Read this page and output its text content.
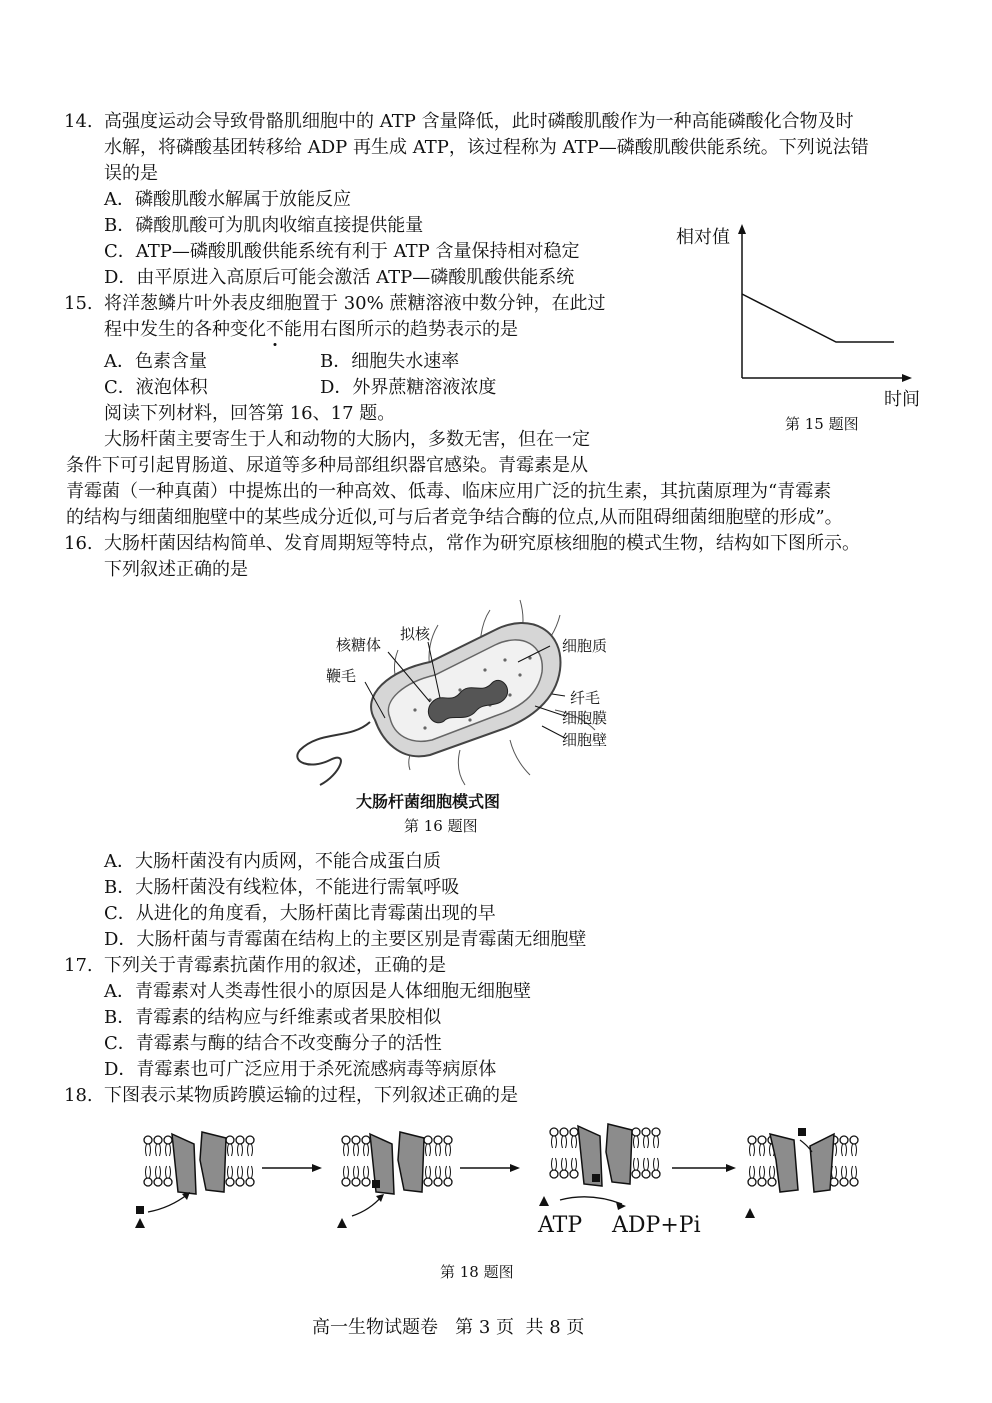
14. 高强度运动会导致骨骼肌细胞中的 ATP 含量降低，此时磷酸肌酸作为一种高能磷酸化合物及时
水解，将磷酸基团转移给 ADP 再生成 ATP，该过程称为 ATP—磷酸肌酸供能系统。下列说法错
误的是
A．磷酸肌酸水解属于放能反应
B．磷酸肌酸可为肌肉收缩直接提供能量
C．ATP—磷酸肌酸供能系统有利于 ATP 含量保持相对稳定
D．由平原进入高原后可能会激活 ATP—磷酸肌酸供能系统
15. 将洋葱鳞片叶外表皮细胞置于 30% 蔗糖溶液中数分钟，在此过
程中发生的各种变化不能用右图所示的趋势表示的是
A．色素含量	B．细胞失水速率
C．液泡体积	D．外界蔗糖溶液浓度
相对值
时间
第 15 题图
阅读下列材料，回答第 16、17 题。
大肠杆菌主要寄生于人和动物的大肠内，多数无害，但在一定
条件下可引起胃肠道、尿道等多种局部组织器官感染。青霉素是从
青霉菌（一种真菌）中提炼出的一种高效、低毒、临床应用广泛的抗生素，其抗菌原理为“青霉素
的结构与细菌细胞壁中的某些成分近似,可与后者竞争结合酶的位点,从而阻碍细菌细胞壁的形成”。
16. 大肠杆菌因结构简单、发育周期短等特点，常作为研究原核细胞的模式生物，结构如下图所示。
下列叙述正确的是
核糖体
拟核
鞭毛
细胞质
纤毛
细胞膜
细胞壁
大肠杆菌细胞模式图
第 16 题图
A．大肠杆菌没有内质网，不能合成蛋白质
B．大肠杆菌没有线粒体，不能进行需氧呼吸
C．从进化的角度看，大肠杆菌比青霉菌出现的早
D．大肠杆菌与青霉菌在结构上的主要区别是青霉菌无细胞壁
17. 下列关于青霉素抗菌作用的叙述，正确的是
A．青霉素对人类毒性很小的原因是人体细胞无细胞壁
B．青霉素的结构应与纤维素或者果胶相似
C．青霉素与酶的结合不改变酶分子的活性
D．青霉素也可广泛应用于杀死流感病毒等病原体
18. 下图表示某物质跨膜运输的过程，下列叙述正确的是
ATP ADP+Pi
第 18 题图
高一生物试题卷   第 3 页  共 8 页
